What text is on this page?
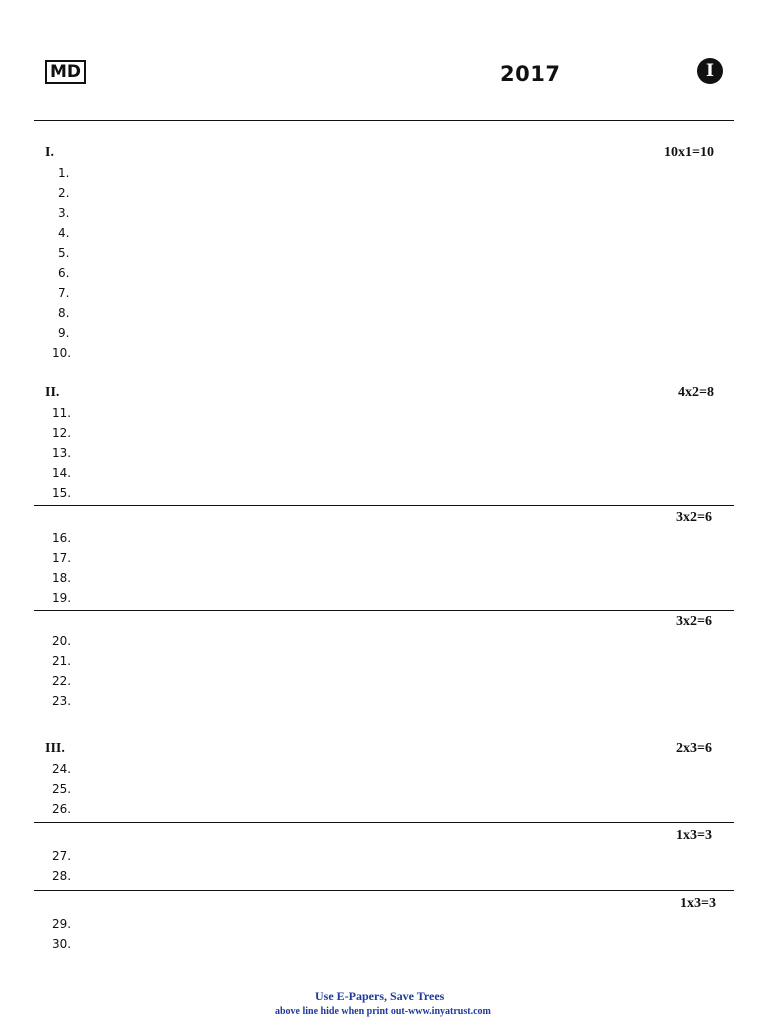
MD	2017	I
I.	10x1=10
1.
2.
3.
4.
5.
6.
7.
8.
9.
10.
II.	4x2=8
11.
12.
13.
14.
15.
3x2=6
16.
17.
18.
19.
3x2=6
20.
21.
22.
23.
III.	2x3=6
24.
25.
26.
1x3=3
27.
28.
1x3=3
29.
30.
Use E-Papers, Save Trees
above line hide when print out-www.inyatrust.com
